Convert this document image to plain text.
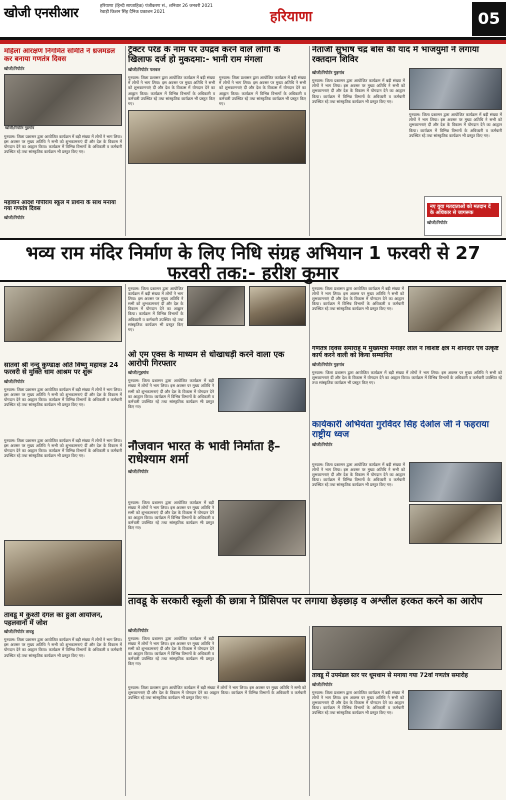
खोजी एनसीआर	हरियाणा (हिन्दी साप्ताहिक) पंजीकरण सं., शनिवार 26 जनवरी 2021
रेवाड़ी किशन सिंह दैनिक प्रकाशन 2021	हरियाणा	05
महिला आरक्षण निगमित समिति ने थ्रजमंडल कर बनाया गणतंत्र दिवस
खोजी/रिपोर्टर
खोजी/रिपोर्टर गुड़गांव
गुरुग्राम। जिला प्रशासन द्वारा आयोजित कार्यक्रम में बड़ी संख्या में लोगों ने भाग लिया। इस अवसर पर मुख्य अतिथि ने सभी को शुभकामनाएं दीं और देश के विकास में योगदान देने का आह्वान किया। कार्यक्रम में विभिन्न विभागों के अधिकारी व कर्मचारी उपस्थित रहे तथा सांस्कृतिक कार्यक्रम भी प्रस्तुत किए गए।
महावान आदर्श गोपीराय स्कूल में प्रार्थना के साथ मनाया गया गणतंत्र दिवस
खोजी/रिपोर्टर
ट्रैक्टर परेड के नाम पर उपद्रव करने वाले लोगों के खिलाफ दर्ज हो मुकदमा:- भानी राम मंगला
खोजी/रिपोर्टर पलवल
गुरुग्राम। जिला प्रशासन द्वारा आयोजित कार्यक्रम में बड़ी संख्या में लोगों ने भाग लिया। इस अवसर पर मुख्य अतिथि ने सभी को शुभकामनाएं दीं और देश के विकास में योगदान देने का आह्वान किया। कार्यक्रम में विभिन्न विभागों के अधिकारी व कर्मचारी उपस्थित रहे तथा सांस्कृतिक कार्यक्रम भी प्रस्तुत किए गए।
गुरुग्राम। जिला प्रशासन द्वारा आयोजित कार्यक्रम में बड़ी संख्या में लोगों ने भाग लिया। इस अवसर पर मुख्य अतिथि ने सभी को शुभकामनाएं दीं और देश के विकास में योगदान देने का आह्वान किया। कार्यक्रम में विभिन्न विभागों के अधिकारी व कर्मचारी उपस्थित रहे तथा सांस्कृतिक कार्यक्रम भी प्रस्तुत किए गए।
नेताजी सुभाष चंद्र बोस की याद में भाजयुमो ने लगाया रक्तदान शिविर
खोजी/रिपोर्टर गुड़गांव
गुरुग्राम। जिला प्रशासन द्वारा आयोजित कार्यक्रम में बड़ी संख्या में लोगों ने भाग लिया। इस अवसर पर मुख्य अतिथि ने सभी को शुभकामनाएं दीं और देश के विकास में योगदान देने का आह्वान किया। कार्यक्रम में विभिन्न विभागों के अधिकारी व कर्मचारी उपस्थित रहे तथा सांस्कृतिक कार्यक्रम भी प्रस्तुत किए गए।
गुरुग्राम। जिला प्रशासन द्वारा आयोजित कार्यक्रम में बड़ी संख्या में लोगों ने भाग लिया। इस अवसर पर मुख्य अतिथि ने सभी को शुभकामनाएं दीं और देश के विकास में योगदान देने का आह्वान किया। कार्यक्रम में विभिन्न विभागों के अधिकारी व कर्मचारी उपस्थित रहे तथा सांस्कृतिक कार्यक्रम भी प्रस्तुत किए गए।
भव्य राम मंदिर निर्माण के लिए निधि संग्रह अभियान 1 फरवरी से 27 फरवरी तक:- हरीश कुमार
सातवां श्री नन्दू कुण्डाक्ष अति विष्णु महायज्ञ 24 फरवरी से मुक्ति धाम आश्रम पर शुरू
खोजी/रिपोर्टर
गुरुग्राम। जिला प्रशासन द्वारा आयोजित कार्यक्रम में बड़ी संख्या में लोगों ने भाग लिया। इस अवसर पर मुख्य अतिथि ने सभी को शुभकामनाएं दीं और देश के विकास में योगदान देने का आह्वान किया। कार्यक्रम में विभिन्न विभागों के अधिकारी व कर्मचारी उपस्थित रहे तथा सांस्कृतिक कार्यक्रम भी प्रस्तुत किए गए।
गुरुग्राम। जिला प्रशासन द्वारा आयोजित कार्यक्रम में बड़ी संख्या में लोगों ने भाग लिया। इस अवसर पर मुख्य अतिथि ने सभी को शुभकामनाएं दीं और देश के विकास में योगदान देने का आह्वान किया। कार्यक्रम में विभिन्न विभागों के अधिकारी व कर्मचारी उपस्थित रहे तथा सांस्कृतिक कार्यक्रम भी प्रस्तुत किए गए।
ओ एम एक्स के माध्यम से धोखाधड़ी करने वाला एक आरोपी गिरफ्तार
खोजी/गुड़गांव
गुरुग्राम। जिला प्रशासन द्वारा आयोजित कार्यक्रम में बड़ी संख्या में लोगों ने भाग लिया। इस अवसर पर मुख्य अतिथि ने सभी को शुभकामनाएं दीं और देश के विकास में योगदान देने का आह्वान किया। कार्यक्रम में विभिन्न विभागों के अधिकारी व कर्मचारी उपस्थित रहे तथा सांस्कृतिक कार्यक्रम भी प्रस्तुत किए गए।
गुरुग्राम। जिला प्रशासन द्वारा आयोजित कार्यक्रम में बड़ी संख्या में लोगों ने भाग लिया। इस अवसर पर मुख्य अतिथि ने सभी को शुभकामनाएं दीं और देश के विकास में योगदान देने का आह्वान किया। कार्यक्रम में विभिन्न विभागों के अधिकारी व कर्मचारी उपस्थित रहे तथा सांस्कृतिक कार्यक्रम भी प्रस्तुत किए गए।
गणतंत्र दिवस समारोह में मुख्यमंत्री मनोहर लाल ने विशिष्ट क्षेत्र में शानदार एवं उत्कृष्ट कार्य करने वाली को किया सम्मानित
खोजी/रिपोर्टर गुड़गांव
गुरुग्राम। जिला प्रशासन द्वारा आयोजित कार्यक्रम में बड़ी संख्या में लोगों ने भाग लिया। इस अवसर पर मुख्य अतिथि ने सभी को शुभकामनाएं दीं और देश के विकास में योगदान देने का आह्वान किया। कार्यक्रम में विभिन्न विभागों के अधिकारी व कर्मचारी उपस्थित रहे तथा सांस्कृतिक कार्यक्रम भी प्रस्तुत किए गए।
नए युवा मतदाताओं को मतदान दें के अधिकार से जागरूक
खोजी/रिपोर्टर
गुरुग्राम। जिला प्रशासन द्वारा आयोजित कार्यक्रम में बड़ी संख्या में लोगों ने भाग लिया। इस अवसर पर मुख्य अतिथि ने सभी को शुभकामनाएं दीं और देश के विकास में योगदान देने का आह्वान किया। कार्यक्रम में विभिन्न विभागों के अधिकारी व कर्मचारी उपस्थित रहे तथा सांस्कृतिक कार्यक्रम भी प्रस्तुत किए गए।
तावडू में कुश्ती दंगल का हुआ आयोजन, पहलवानों में जोश
खोजी/रिपोर्टर तावडू
गुरुग्राम। जिला प्रशासन द्वारा आयोजित कार्यक्रम में बड़ी संख्या में लोगों ने भाग लिया। इस अवसर पर मुख्य अतिथि ने सभी को शुभकामनाएं दीं और देश के विकास में योगदान देने का आह्वान किया। कार्यक्रम में विभिन्न विभागों के अधिकारी व कर्मचारी उपस्थित रहे तथा सांस्कृतिक कार्यक्रम भी प्रस्तुत किए गए।
नौजवान भारत के भावी निर्माता है–राधेश्याम शर्मा
खोजी/रिपोर्टर
गुरुग्राम। जिला प्रशासन द्वारा आयोजित कार्यक्रम में बड़ी संख्या में लोगों ने भाग लिया। इस अवसर पर मुख्य अतिथि ने सभी को शुभकामनाएं दीं और देश के विकास में योगदान देने का आह्वान किया। कार्यक्रम में विभिन्न विभागों के अधिकारी व कर्मचारी उपस्थित रहे तथा सांस्कृतिक कार्यक्रम भी प्रस्तुत किए गए।
कार्यकारी अभियंता गुरविंदर सिंह देओल जी ने फहराया राष्ट्रीय ध्वज
खोजी/रिपोर्टर
गुरुग्राम। जिला प्रशासन द्वारा आयोजित कार्यक्रम में बड़ी संख्या में लोगों ने भाग लिया। इस अवसर पर मुख्य अतिथि ने सभी को शुभकामनाएं दीं और देश के विकास में योगदान देने का आह्वान किया। कार्यक्रम में विभिन्न विभागों के अधिकारी व कर्मचारी उपस्थित रहे तथा सांस्कृतिक कार्यक्रम भी प्रस्तुत किए गए।
तावडू के सरकारी स्कूली की छात्रा ने प्रिंसिपल पर लगाया छेड़छाड़ व अश्लील हरकत करने का आरोप
खोजी/रिपोर्टर
गुरुग्राम। जिला प्रशासन द्वारा आयोजित कार्यक्रम में बड़ी संख्या में लोगों ने भाग लिया। इस अवसर पर मुख्य अतिथि ने सभी को शुभकामनाएं दीं और देश के विकास में योगदान देने का आह्वान किया। कार्यक्रम में विभिन्न विभागों के अधिकारी व कर्मचारी उपस्थित रहे तथा सांस्कृतिक कार्यक्रम भी प्रस्तुत किए गए।
गुरुग्राम। जिला प्रशासन द्वारा आयोजित कार्यक्रम में बड़ी संख्या में लोगों ने भाग लिया। इस अवसर पर मुख्य अतिथि ने सभी को शुभकामनाएं दीं और देश के विकास में योगदान देने का आह्वान किया। कार्यक्रम में विभिन्न विभागों के अधिकारी व कर्मचारी उपस्थित रहे तथा सांस्कृतिक कार्यक्रम भी प्रस्तुत किए गए।
तावडू में उपमंडल स्तर पर धूमधाम से मनाया गया 72वां गणतंत्र समारोह
खोजी/रिपोर्टर
गुरुग्राम। जिला प्रशासन द्वारा आयोजित कार्यक्रम में बड़ी संख्या में लोगों ने भाग लिया। इस अवसर पर मुख्य अतिथि ने सभी को शुभकामनाएं दीं और देश के विकास में योगदान देने का आह्वान किया। कार्यक्रम में विभिन्न विभागों के अधिकारी व कर्मचारी उपस्थित रहे तथा सांस्कृतिक कार्यक्रम भी प्रस्तुत किए गए।
